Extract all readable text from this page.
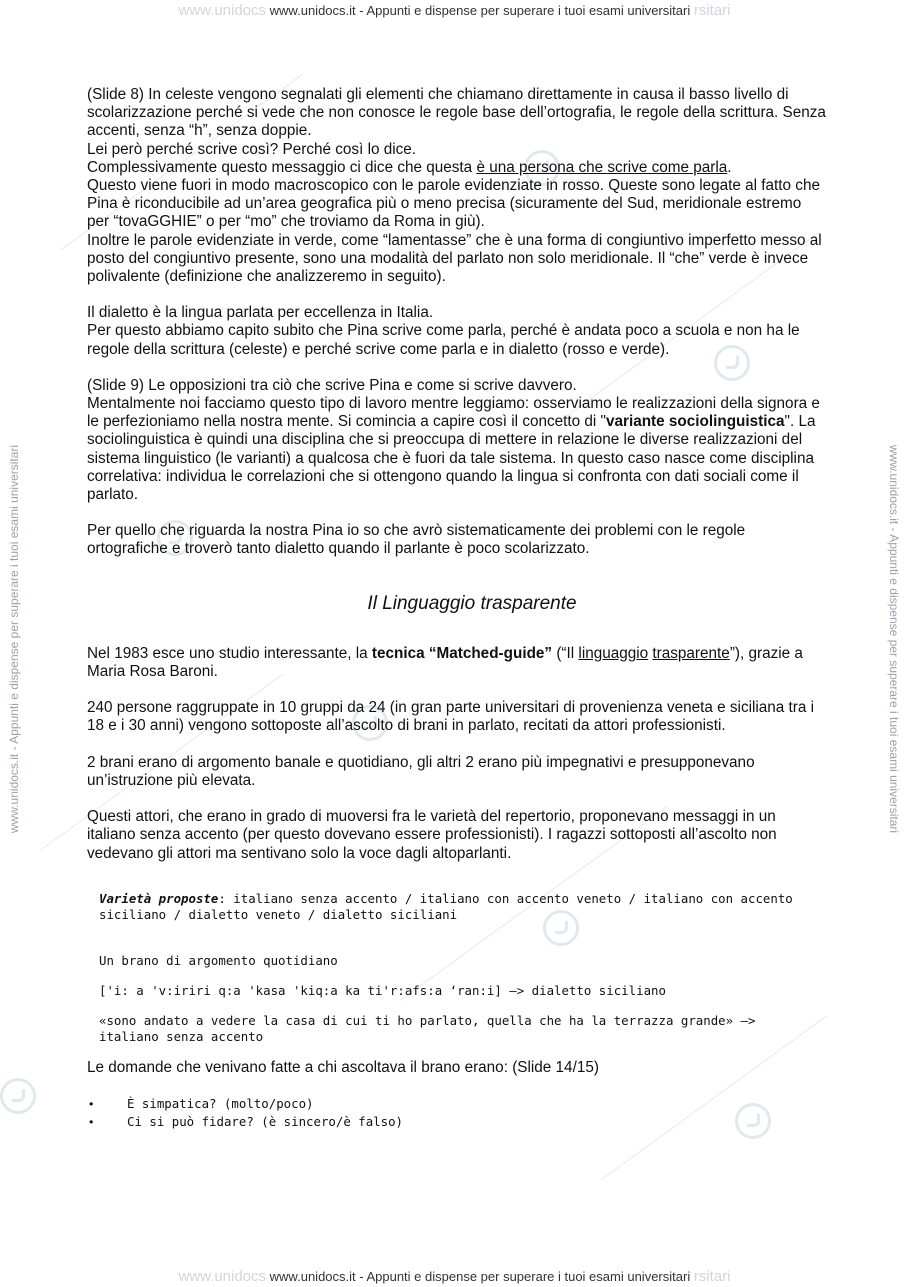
www.unidocs www.unidocs.it - Appunti e dispense per superare i tuoi esami universitari rsitari
www.unidocs www.unidocs.it - Appunti e dispense per superare i tuoi esami universitari rsitari
www.unidocs.it - Appunti e dispense per superare i tuoi esami universitari	www.unidocs.it - Appunti e dispense per superare i tuoi esami universitari

(Slide 8) In celeste vengono segnalati gli elementi che chiamano direttamente in causa il basso livello di scolarizzazione perché si vede che non conosce le regole base dell’ortografia, le regole della scrittura. Senza accenti, senza “h”, senza doppie.
Lei però perché scrive così? Perché così lo dice.
Complessivamente questo messaggio ci dice che questa è una persona che scrive come parla.
Questo viene fuori in modo macroscopico con le parole evidenziate in rosso. Queste sono legate al fatto che Pina è riconducibile ad un’area geografica più o meno precisa (sicuramente del Sud, meridionale estremo per “tovaGGHIE” o per “mo” che troviamo da Roma in giù).
Inoltre le parole evidenziate in verde, come “lamentasse” che è una forma di congiuntivo imperfetto messo al posto del congiuntivo presente, sono una modalità del parlato non solo meridionale. Il “che” verde è invece polivalente (definizione che analizzeremo in seguito).

Il dialetto è la lingua parlata per eccellenza in Italia.
Per questo abbiamo capito subito che Pina scrive come parla, perché è andata poco a scuola e non ha le regole della scrittura (celeste) e perché scrive come parla e in dialetto (rosso e verde).

(Slide 9) Le opposizioni tra ciò che scrive Pina e come si scrive davvero.
Mentalmente noi facciamo questo tipo di lavoro mentre leggiamo: osserviamo le realizzazioni della signora e le perfezioniamo nella nostra mente. Si comincia a capire così il concetto di "variante sociolinguistica". La sociolinguistica è quindi una disciplina che si preoccupa di mettere in relazione le diverse realizzazioni del sistema linguistico (le varianti) a qualcosa che è fuori da tale sistema. In questo caso nasce come disciplina correlativa: individua le correlazioni che si ottengono quando la lingua si confronta con dati sociali come il parlato.

Per quello che riguarda la nostra Pina io so che avrò sistematicamente dei problemi con le regole ortografiche e troverò tanto dialetto quando il parlante è poco scolarizzato.

Il Linguaggio trasparente

Nel 1983 esce uno studio interessante, la tecnica “Matched-guide” (“Il linguaggio trasparente”), grazie a Maria Rosa Baroni.

240 persone raggruppate in 10 gruppi da 24 (in gran parte universitari di provenienza veneta e siciliana tra i 18 e i 30 anni) vengono sottoposte all’ascolto di brani in parlato, recitati da attori professionisti.

2 brani erano di argomento banale e quotidiano, gli altri 2 erano più impegnativi e presupponevano un’istruzione più elevata.

Questi attori, che erano in grado di muoversi fra le varietà del repertorio, proponevano messaggi in un italiano senza accento (per questo dovevano essere professionisti). I ragazzi sottoposti all’ascolto non vedevano gli attori ma sentivano solo la voce dagli altoparlanti.

Varietà proposte: italiano senza accento / italiano con accento veneto / italiano con accento siciliano / dialetto veneto / dialetto siciliani
Un brano di argomento quotidiano
['i: a 'v:iriri q:a 'kasa 'kiq:a ka ti'r:afs:a ‘ran:i] —> dialetto siciliano
«sono andato a vedere la casa di cui ti ho parlato, quella che ha la terrazza grande» —> italiano senza accento

Le domande che venivano fatte a chi ascoltava il brano erano: (Slide 14/15)

• È simpatica? (molto/poco)
• Ci si può fidare? (è sincero/è falso)
